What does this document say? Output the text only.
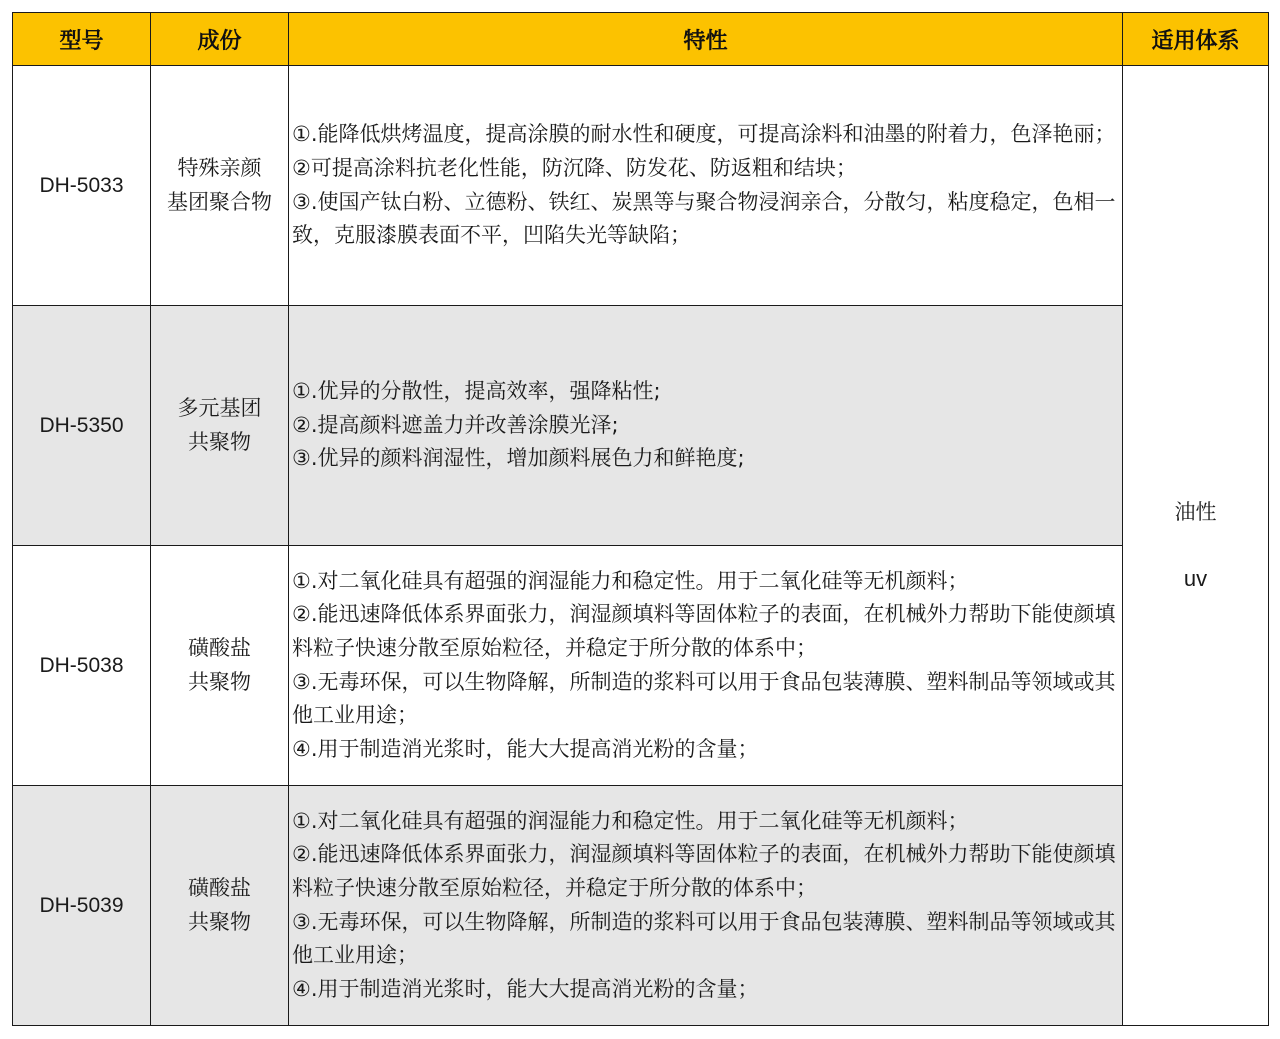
型号	成份	特性	适用体系
DH-5033	特殊亲颜
基团聚合物	①.能降低烘烤温度，提高涂膜的耐水性和硬度，可提高涂料和油墨的附着力，色泽艳丽；
②可提高涂料抗老化性能，防沉降、防发花、防返粗和结块；
③.使国产钛白粉、立德粉、铁红、炭黑等与聚合物浸润亲合，分散匀，粘度稳定，色相一致，克服漆膜表面不平，凹陷失光等缺陷；	油性
uv

DH-5350	多元基团
共聚物	①.优异的分散性，提高效率，强降粘性;
②.提高颜料遮盖力并改善涂膜光泽;
③.优异的颜料润湿性，增加颜料展色力和鲜艳度;	

DH-5038	磺酸盐
共聚物	①.对二氧化硅具有超强的润湿能力和稳定性。用于二氧化硅等无机颜料；
②.能迅速降低体系界面张力，润湿颜填料等固体粒子的表面，在机械外力帮助下能使颜填料粒子快速分散至原始粒径，并稳定于所分散的体系中；
③.无毒环保，可以生物降解，所制造的浆料可以用于食品包装薄膜、塑料制品等领域或其他工业用途；
④.用于制造消光浆时，能大大提高消光粉的含量；	

DH-5039	磺酸盐
共聚物	①.对二氧化硅具有超强的润湿能力和稳定性。用于二氧化硅等无机颜料；
②.能迅速降低体系界面张力，润湿颜填料等固体粒子的表面，在机械外力帮助下能使颜填料粒子快速分散至原始粒径，并稳定于所分散的体系中；
③.无毒环保，可以生物降解，所制造的浆料可以用于食品包装薄膜、塑料制品等领域或其他工业用途；
④.用于制造消光浆时，能大大提高消光粉的含量；	
